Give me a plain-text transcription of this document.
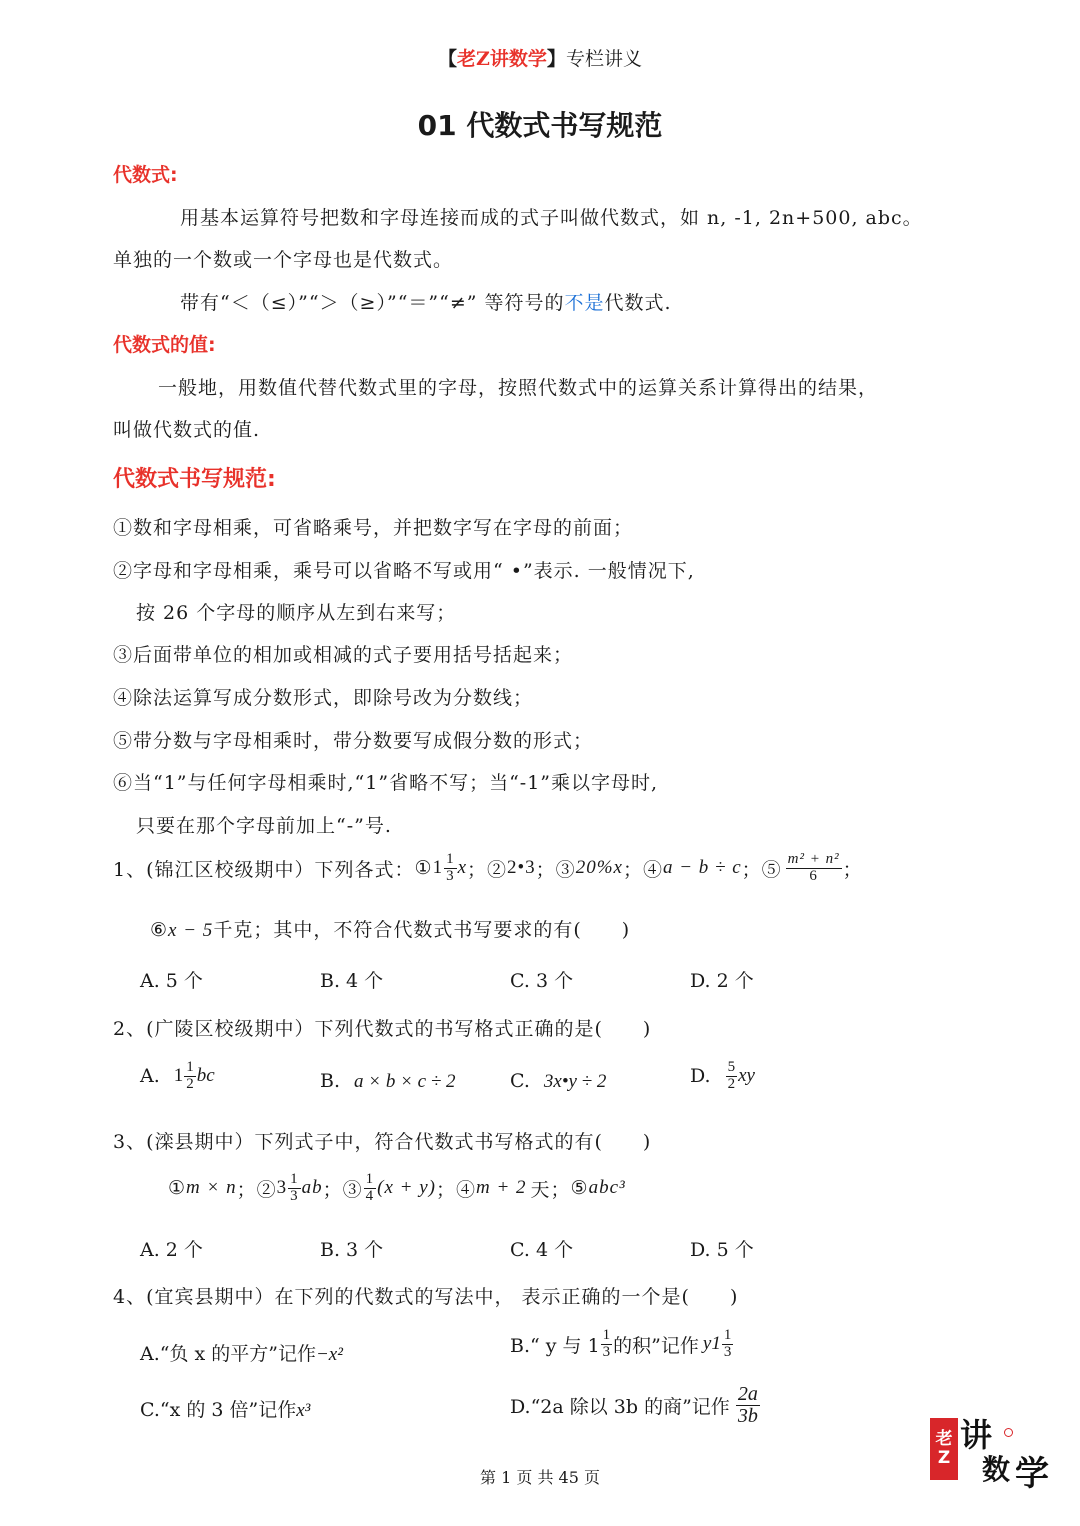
【老Z讲数学】专栏讲义
01 代数式书写规范
代数式:
用基本运算符号把数和字母连接而成的式子叫做代数式，如 n, -1, 2n+500, abc。
单独的一个数或一个字母也是代数式。
带有“＜（≤）”“＞（≥）”“＝”“≠” 等符号的不是代数式.
代数式的值:
一般地，用数值代替代数式里的字母，按照代数式中的运算关系计算得出的结果，
叫做代数式的值.
代数式书写规范:
①数和字母相乘，可省略乘号，并把数字写在字母的前面；
②字母和字母相乘，乘号可以省略不写或用“ •”表示. 一般情况下,
按 26 个字母的顺序从左到右来写；
③后面带单位的相加或相减的式子要用括号括起来；
④除法运算写成分数形式，即除号改为分数线；
⑤带分数与字母相乘时，带分数要写成假分数的形式；
⑥当“1”与任何字母相乘时,“1”省略不写；当“-1”乘以字母时,
只要在那个字母前加上“-”号.
1、(锦江区校级期中）下列各式： ① $1 \frac{1}{3}$ x ；② 2•3 ；③ 20%x ；④ a − b ÷ c ；⑤ $\frac{\text{m² + n²}}{6}$ ；
⑥x − 5千克；其中，不符合代数式书写要求的有(　　)
A. 5 个	B. 4 个	C. 3 个	D. 2 个
2、(广陵区校级期中）下列代数式的书写格式正确的是(　　)
A. $1 \frac{1}{2}$ bc	B. a × b × c ÷ 2	C. 3x•y ÷ 2	D. $\frac{5}{2}$ xy
3、(滦县期中）下列式子中，符合代数式书写格式的有(　　)
① m × n ；② $3 \frac{1}{3}$ ab ；③ $\frac{1}{4} (x + y)$ ；④ m + 2 天； ⑤ abc³
A. 2 个	B. 3 个	C. 4 个	D. 5 个
4、(宜宾县期中）在下列的代数式的写法中， 表示正确的一个是(　　)
A.“负 x 的平方”记作−x²	B.“ y 与 $1 \frac{1}{3}$ 的积”记作 $y1 \frac{1}{3}$
C.“x 的 3 倍”记作x³	D.“2a 除以 3b 的商”记作 $\frac{2a}{3b}$
第 1 页 共 45 页
老
Z
讲
数 学
